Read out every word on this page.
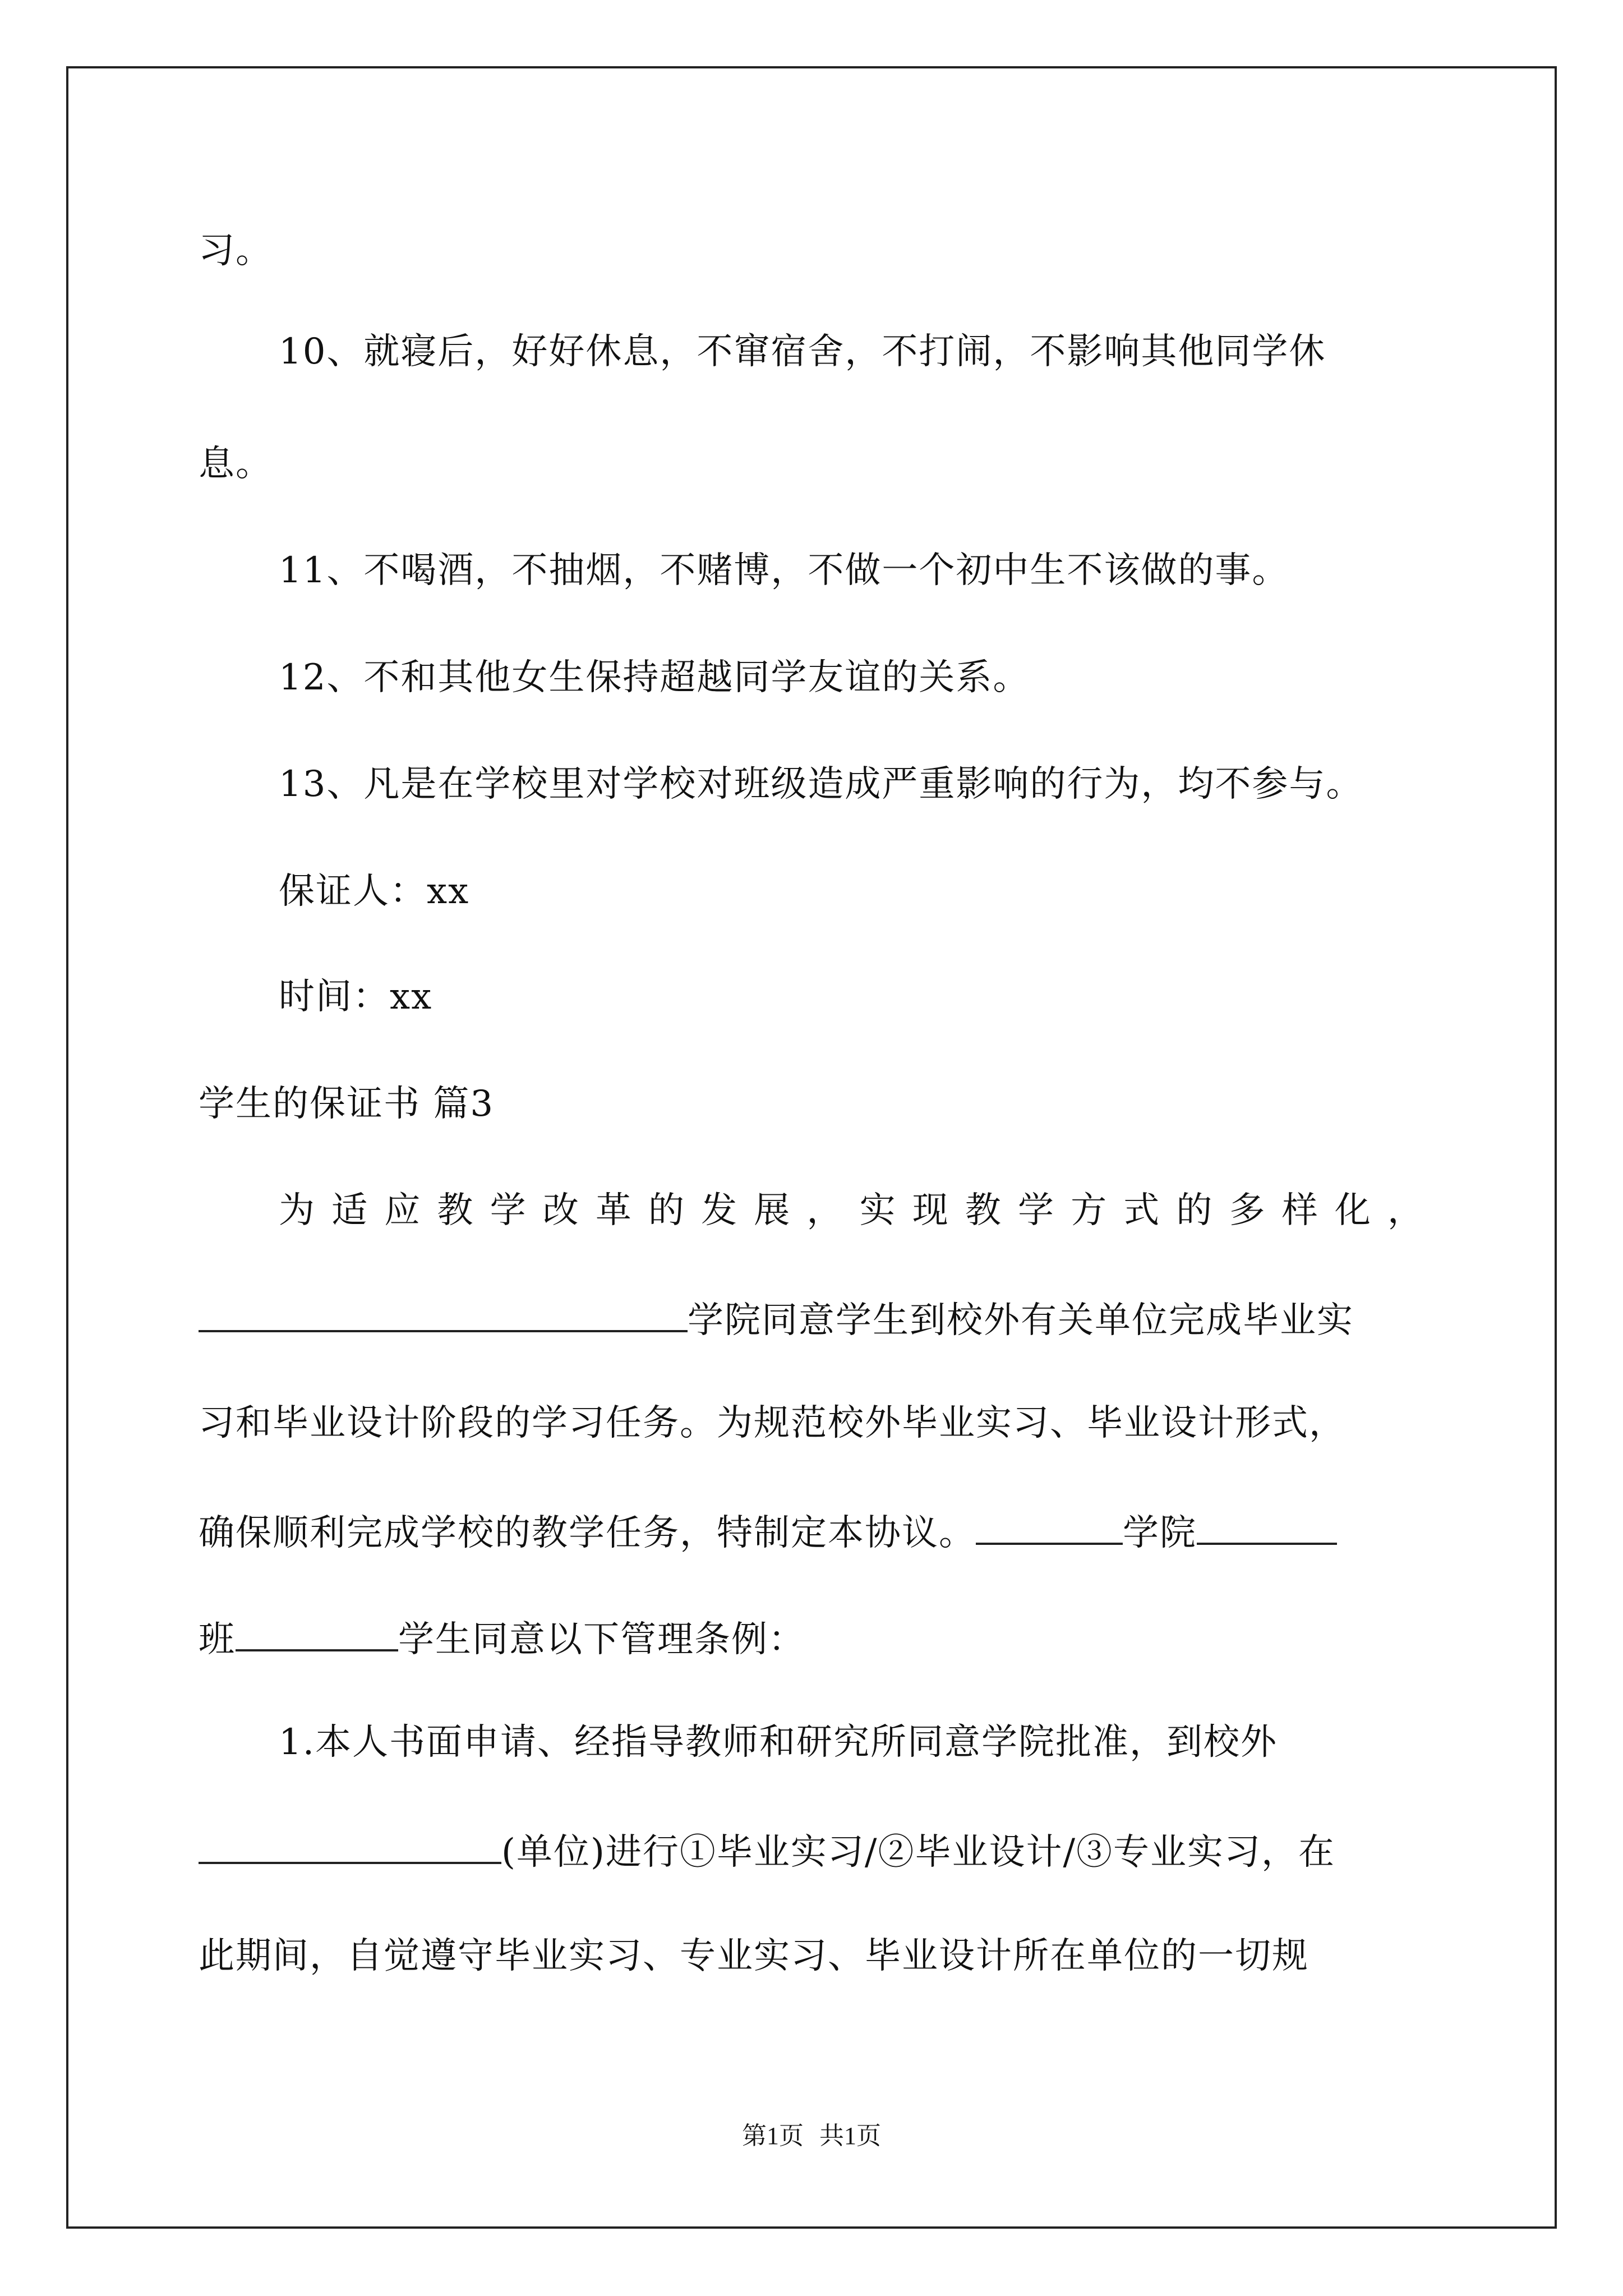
习。
10、就寝后，好好休息，不窜宿舍，不打闹，不影响其他同学休
息。
11、不喝酒，不抽烟，不赌博，不做一个初中生不该做的事。
12、不和其他女生保持超越同学友谊的关系。
13、凡是在学校里对学校对班级造成严重影响的行为，均不参与。
保证人：xx
时间：xx
学生的保证书 篇3
为适应教学改革的发展，实现教学方式的多样化，
学院同意学生到校外有关单位完成毕业实
习和毕业设计阶段的学习任务。为规范校外毕业实习、毕业设计形式，
确保顺利完成学校的教学任务，特制定本协议。	学院
班	学生同意以下管理条例：
1.本人书面申请、经指导教师和研究所同意学院批准，到校外
(单位)进行①毕业实习/②毕业设计/③专业实习，在
此期间，自觉遵守毕业实习、专业实习、毕业设计所在单位的一切规
第1页 共1页
